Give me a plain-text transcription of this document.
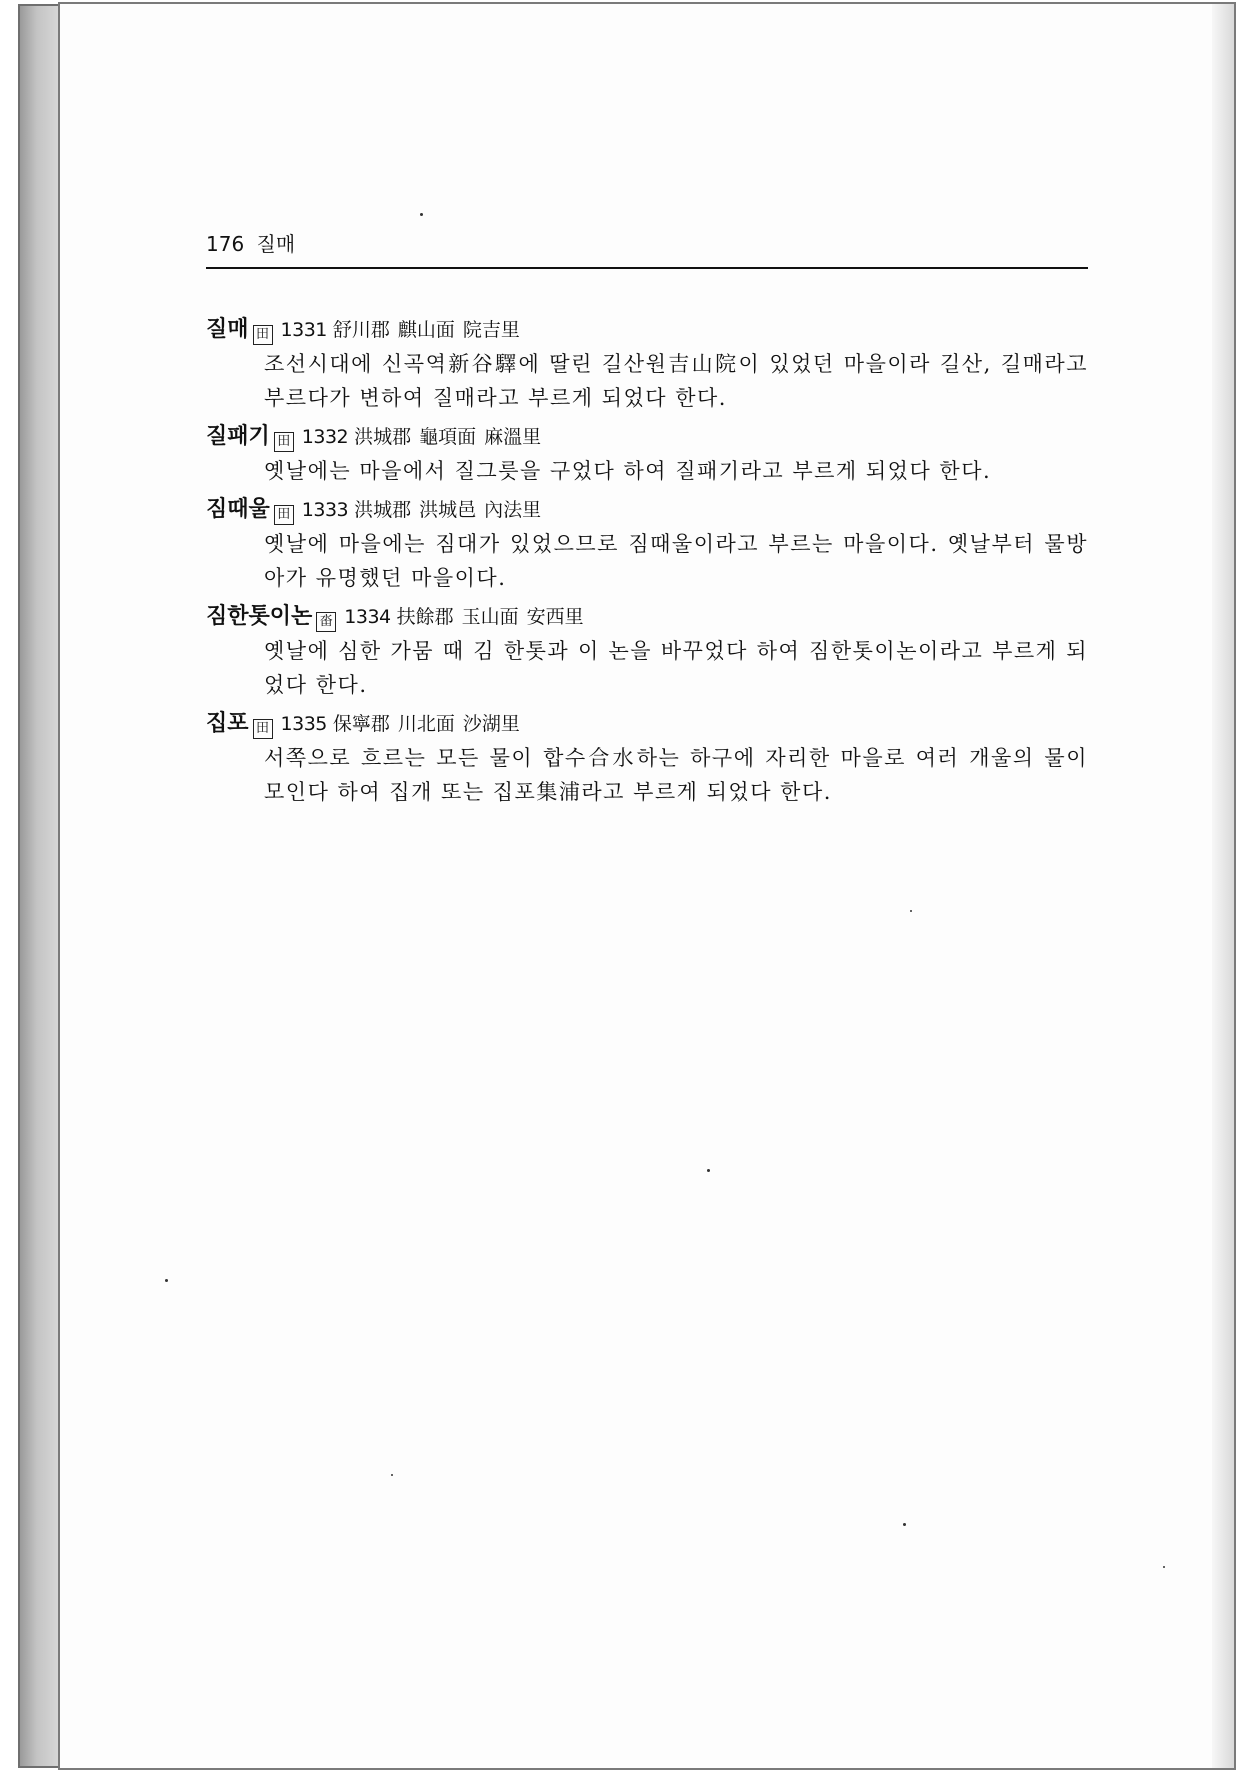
176 질매
질매 田 1331 舒川郡 麒山面 院吉里
조선시대에 신곡역新谷驛에 딸린 길산원吉山院이 있었던 마을이라 길산, 길매라고 부르다가 변하여 질매라고 부르게 되었다 한다.
질패기 田 1332 洪城郡 龜項面 麻溫里
옛날에는 마을에서 질그릇을 구었다 하여 질패기라고 부르게 되었다 한다.
짐때울 田 1333 洪城郡 洪城邑 內法里
옛날에 마을에는 짐대가 있었으므로 짐때울이라고 부르는 마을이다. 옛날부터 물방아가 유명했던 마을이다.
짐한톳이논 畓 1334 扶餘郡 玉山面 安西里
옛날에 심한 가뭄 때 김 한톳과 이 논을 바꾸었다 하여 짐한톳이논이라고 부르게 되었다 한다.
집포 田 1335 保寧郡 川北面 沙湖里
서쪽으로 흐르는 모든 물이 합수合水하는 하구에 자리한 마을로 여러 개울의 물이 모인다 하여 집개 또는 집포集浦라고 부르게 되었다 한다.
